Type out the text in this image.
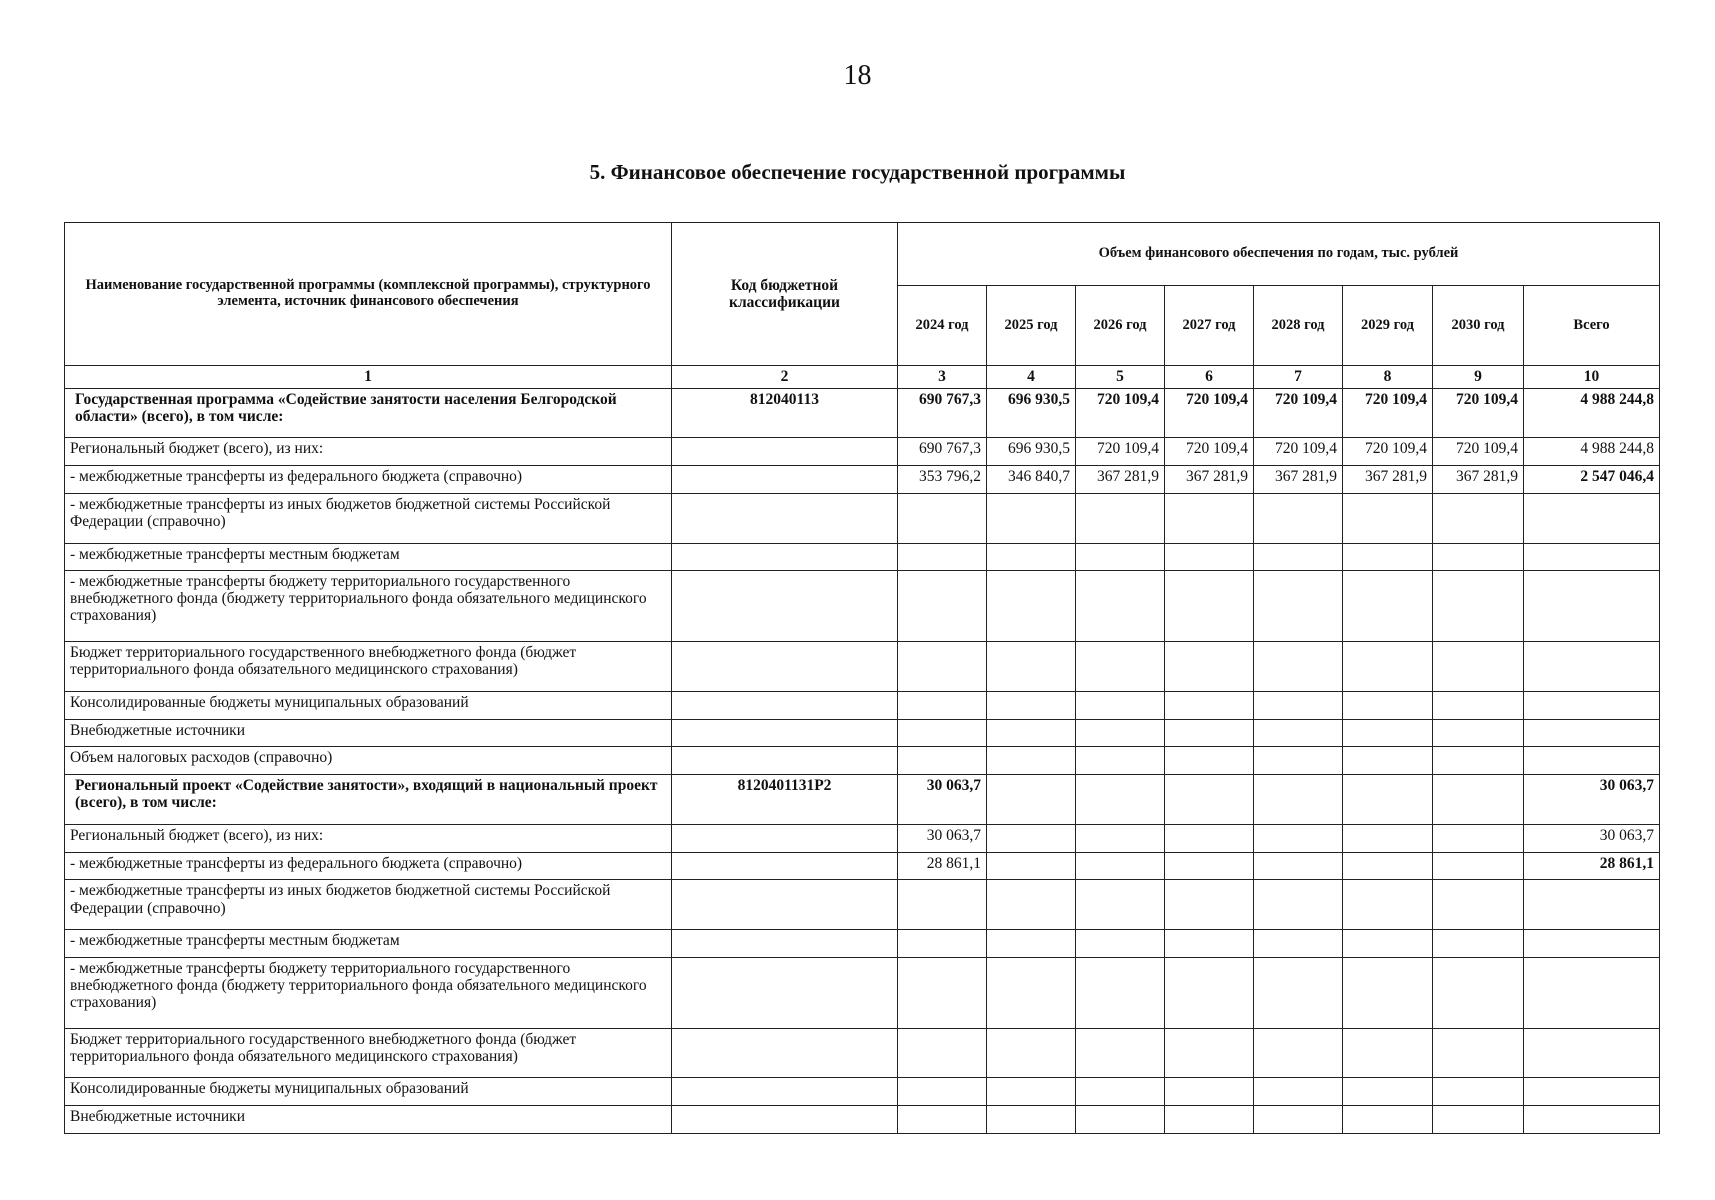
18
5. Финансовое обеспечение государственной программы
Наименование государственной программы (комплексной программы), структурного элемента, источник финансового обеспечения	Код бюджетной классификации	Объем финансового обеспечения по годам, тыс. рублей							
		2024 год	2025 год	2026 год	2027 год	2028 год	2029 год	2030 год	Всего
1	2	3	4	5	6	7	8	9	10
Государственная программа «Содействие занятости населения Белгородской области» (всего), в том числе:	812040113	690 767,3	696 930,5	720 109,4	720 109,4	720 109,4	720 109,4	720 109,4	4 988 244,8
Региональный бюджет (всего), из них:		690 767,3	696 930,5	720 109,4	720 109,4	720 109,4	720 109,4	720 109,4	4 988 244,8
- межбюджетные трансферты из федерального бюджета (справочно)		353 796,2	346 840,7	367 281,9	367 281,9	367 281,9	367 281,9	367 281,9	2 547 046,4
- межбюджетные трансферты из иных бюджетов бюджетной системы Российской Федерации (справочно)									
- межбюджетные трансферты местным бюджетам									
- межбюджетные трансферты бюджету территориального государственного внебюджетного фонда (бюджету территориального фонда обязательного медицинского страхования)									
Бюджет территориального государственного внебюджетного фонда (бюджет территориального фонда обязательного медицинского страхования)									
Консолидированные бюджеты муниципальных образований									
Внебюджетные источники									
Объем налоговых расходов (справочно)									
Региональный проект «Содействие занятости», входящий в национальный проект (всего), в том числе:	8120401131Р2	30 063,7							30 063,7
Региональный бюджет (всего), из них:		30 063,7							30 063,7
- межбюджетные трансферты из федерального бюджета (справочно)		28 861,1							28 861,1
- межбюджетные трансферты из иных бюджетов бюджетной системы Российской Федерации (справочно)									
- межбюджетные трансферты местным бюджетам									
- межбюджетные трансферты бюджету территориального государственного внебюджетного фонда (бюджету территориального фонда обязательного медицинского страхования)									
Бюджет территориального государственного внебюджетного фонда (бюджет территориального фонда обязательного медицинского страхования)									
Консолидированные бюджеты муниципальных образований									
Внебюджетные источники									
